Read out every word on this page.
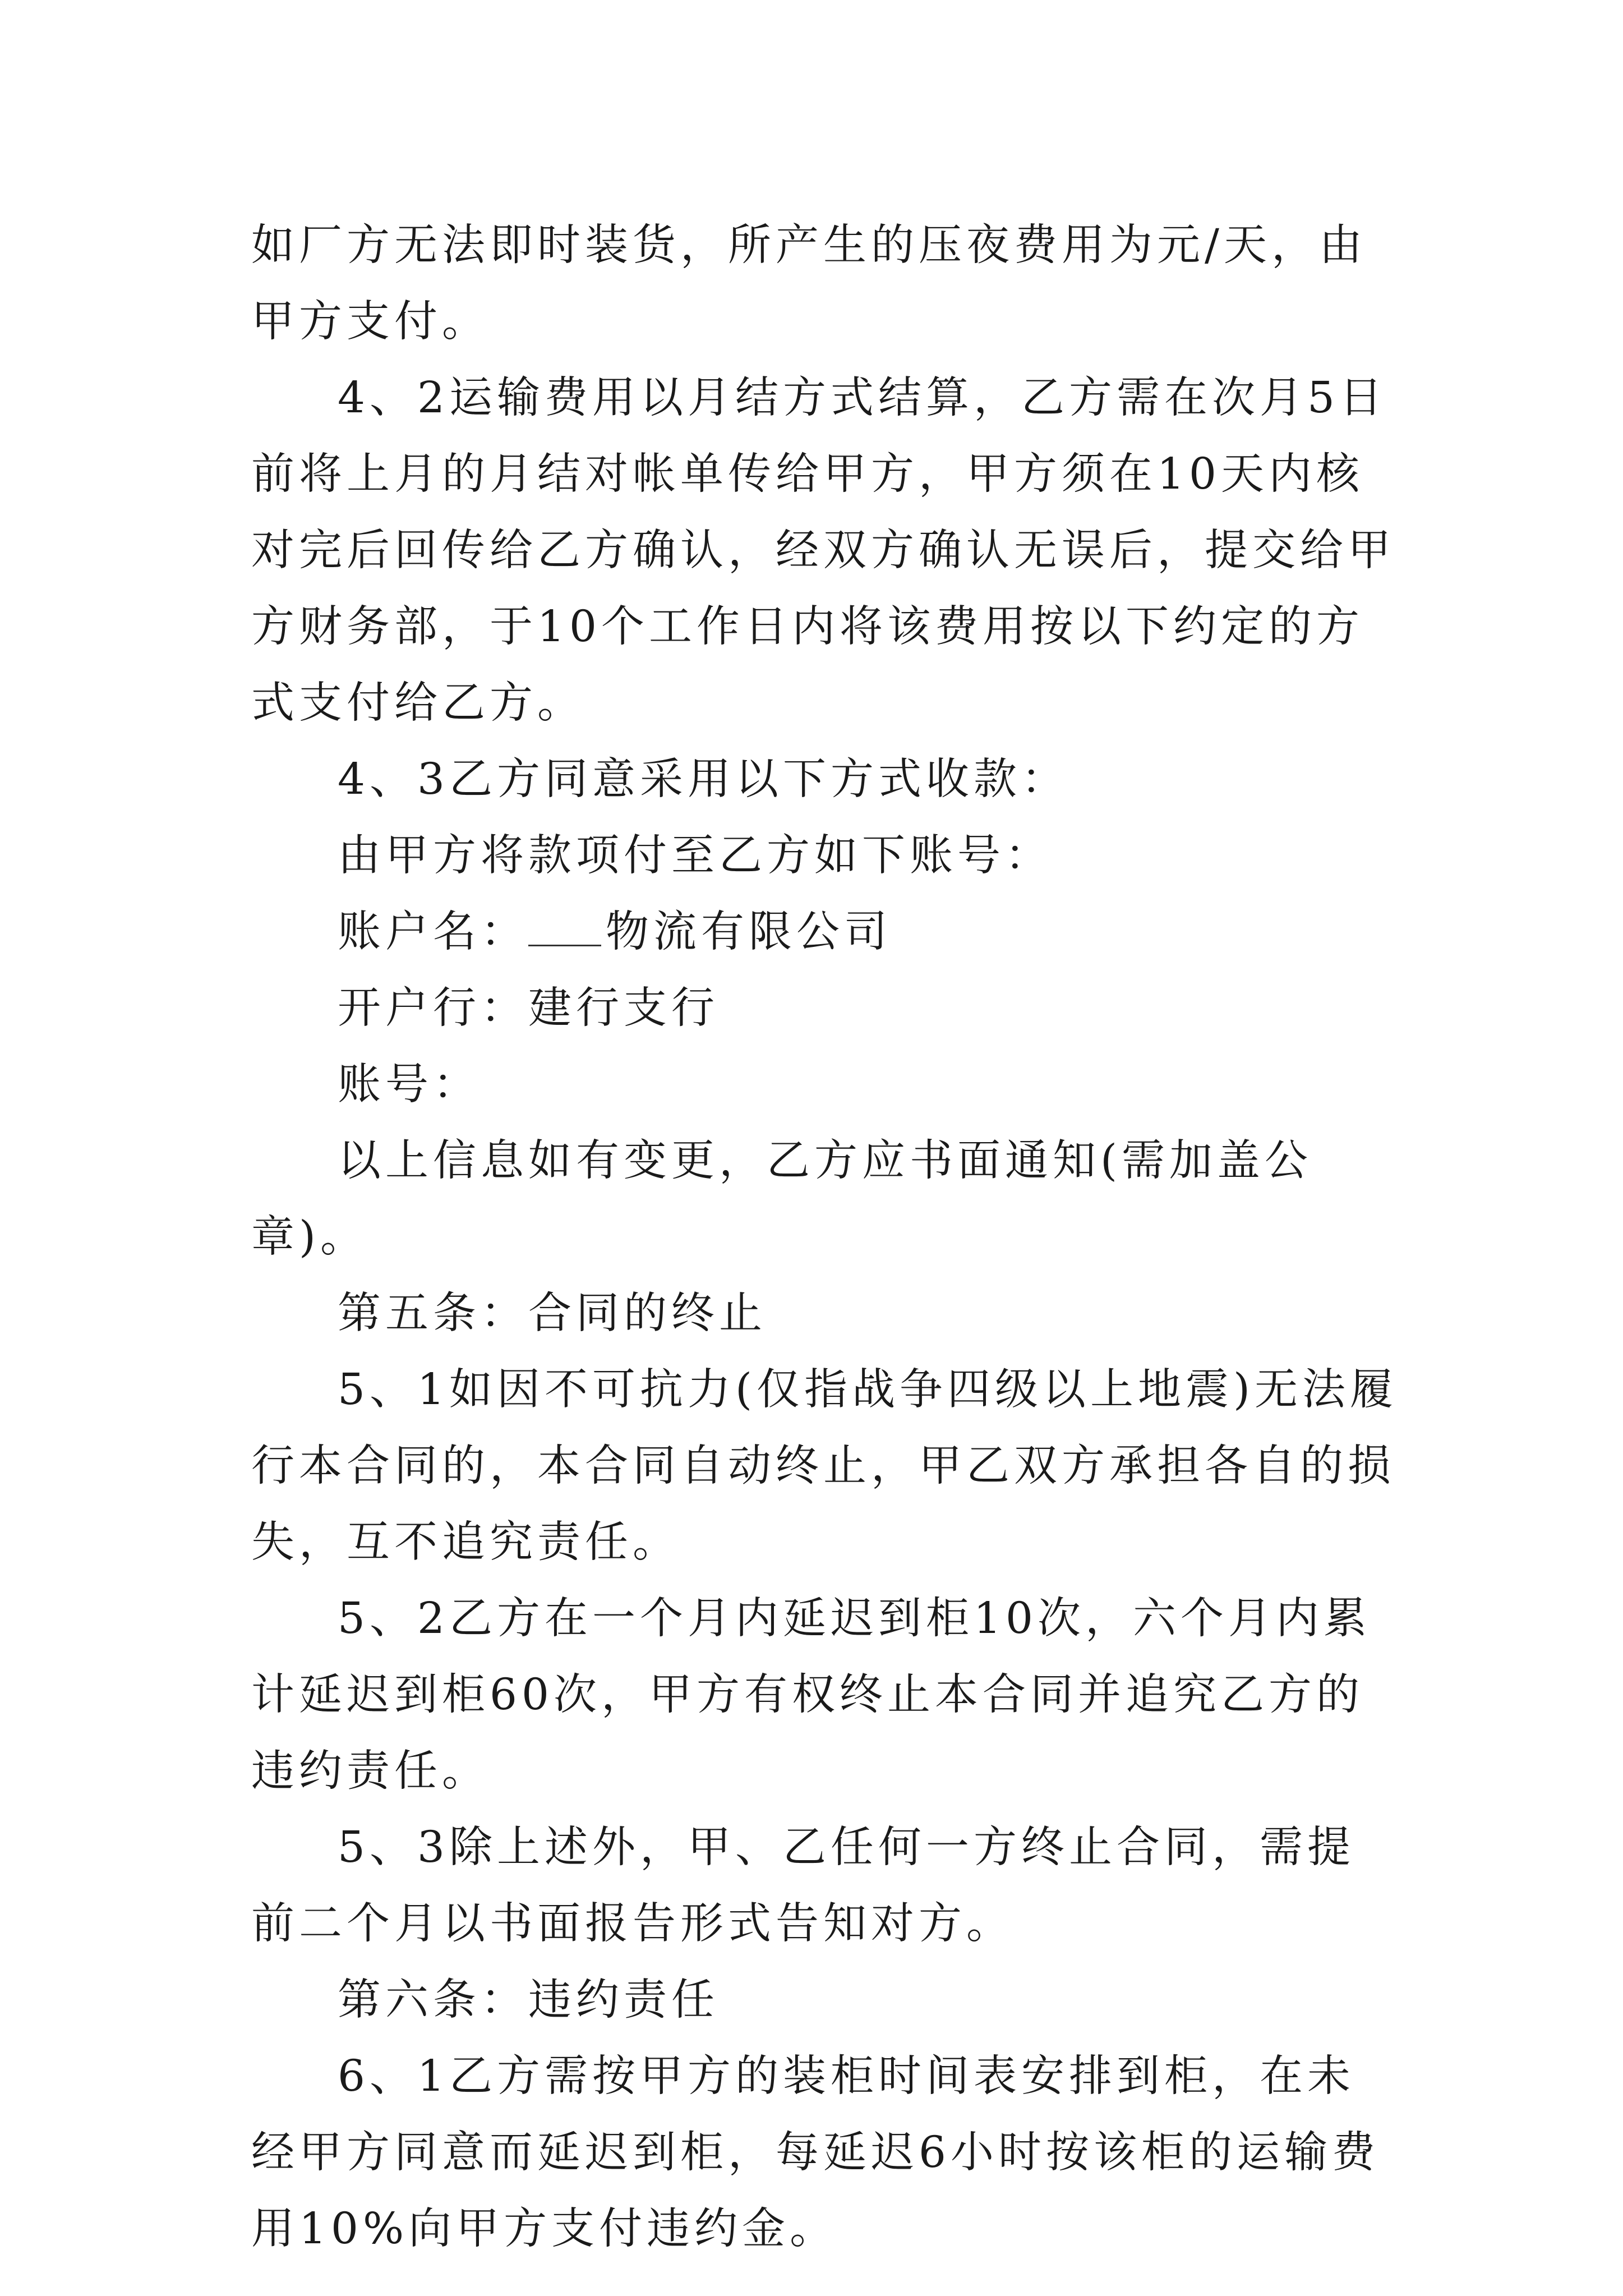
如厂方无法即时装货，所产生的压夜费用为元/天，由甲方支付。

4、2运输费用以月结方式结算，乙方需在次月5日前将上月的月结对帐单传给甲方，甲方须在10天内核对完后回传给乙方确认，经双方确认无误后，提交给甲方财务部，于10个工作日内将该费用按以下约定的方式支付给乙方。

4、3乙方同意采用以下方式收款：

由甲方将款项付至乙方如下账号：

账户名： 物流有限公司

开户行：建行支行

账号：

以上信息如有变更，乙方应书面通知(需加盖公章)。

第五条：合同的终止

5、1如因不可抗力(仅指战争四级以上地震)无法履行本合同的，本合同自动终止，甲乙双方承担各自的损失，互不追究责任。

5、2乙方在一个月内延迟到柜10次，六个月内累计延迟到柜60次，甲方有权终止本合同并追究乙方的违约责任。

5、3除上述外，甲、乙任何一方终止合同，需提前二个月以书面报告形式告知对方。

第六条：违约责任

6、1乙方需按甲方的装柜时间表安排到柜，在未经甲方同意而延迟到柜，每延迟6小时按该柜的运输费用10%向甲方支付违约金。
